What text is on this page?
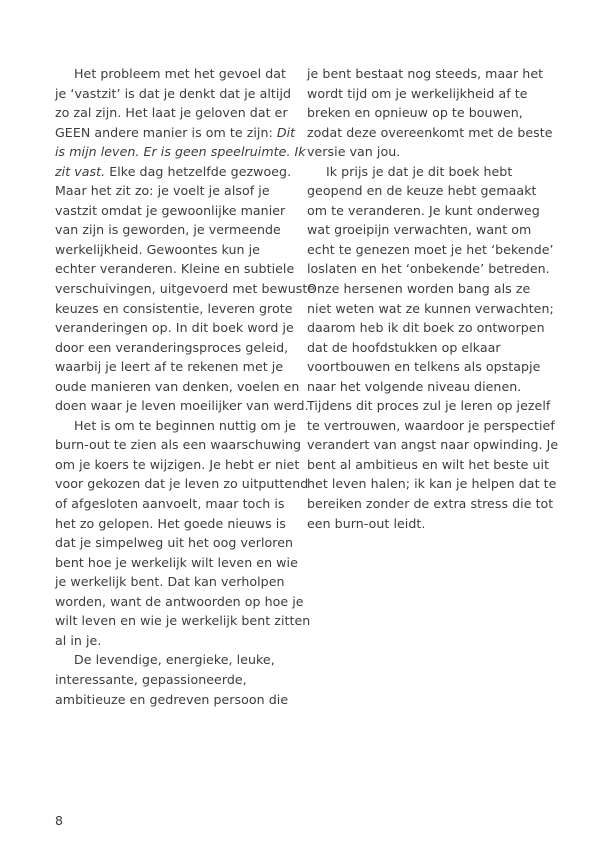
Het probleem met het gevoel dat
je ‘vastzit’ is dat je denkt dat je altijd
zo zal zijn. Het laat je geloven dat er
GEEN andere manier is om te zijn: Dit
is mijn leven. Er is geen speelruimte. Ik
zit vast. Elke dag hetzelfde gezwoeg.
Maar het zit zo: je voelt je alsof je
vastzit omdat je gewoonlijke manier
van zijn is geworden, je vermeende
werkelijkheid. Gewoontes kun je
echter veranderen. Kleine en subtiele
verschuivingen, uitgevoerd met bewuste
keuzes en consistentie, leveren grote
veranderingen op. In dit boek word je
door een veranderingsproces geleid,
waarbij je leert af te rekenen met je
oude manieren van denken, voelen en
doen waar je leven moeilijker van werd.
Het is om te beginnen nuttig om je
burn-out te zien als een waarschuwing
om je koers te wijzigen. Je hebt er niet
voor gekozen dat je leven zo uitputtend
of afgesloten aanvoelt, maar toch is
het zo gelopen. Het goede nieuws is
dat je simpelweg uit het oog verloren
bent hoe je werkelijk wilt leven en wie
je werkelijk bent. Dat kan verholpen
worden, want de antwoorden op hoe je
wilt leven en wie je werkelijk bent zitten
al in je.
De levendige, energieke, leuke,
interessante, gepassioneerde,
ambitieuze en gedreven persoon die
je bent bestaat nog steeds, maar het
wordt tijd om je werkelijkheid af te
breken en opnieuw op te bouwen,
zodat deze overeenkomt met de beste
versie van jou.
Ik prijs je dat je dit boek hebt
geopend en de keuze hebt gemaakt
om te veranderen. Je kunt onderweg
wat groeipijn verwachten, want om
echt te genezen moet je het ‘bekende’
loslaten en het ‘onbekende’ betreden.
Onze hersenen worden bang als ze
niet weten wat ze kunnen verwachten;
daarom heb ik dit boek zo ontworpen
dat de hoofdstukken op elkaar
voortbouwen en telkens als opstapje
naar het volgende niveau dienen.
Tijdens dit proces zul je leren op jezelf
te vertrouwen, waardoor je perspectief
verandert van angst naar opwinding. Je
bent al ambitieus en wilt het beste uit
het leven halen; ik kan je helpen dat te
bereiken zonder de extra stress die tot
een burn-out leidt.
8
